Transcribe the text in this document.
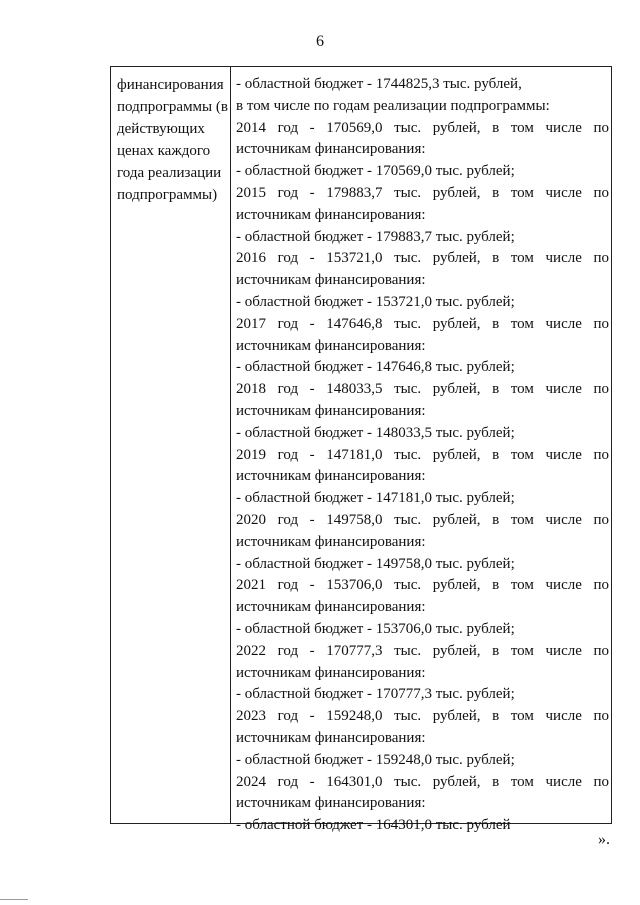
6
финансирования
подпрограммы (в
действующих
ценах каждого
года реализации
подпрограммы)
- областной бюджет - 1744825,3 тыс. рублей,
в том числе по годам реализации подпрограммы:
2014 год - 170569,0 тыс. рублей, в том числе по
источникам финансирования:
- областной бюджет - 170569,0 тыс. рублей;
2015 год - 179883,7 тыс. рублей, в том числе по
источникам финансирования:
- областной бюджет - 179883,7 тыс. рублей;
2016 год - 153721,0 тыс. рублей, в том числе по
источникам финансирования:
- областной бюджет - 153721,0 тыс. рублей;
2017 год - 147646,8 тыс. рублей, в том числе по
источникам финансирования:
- областной бюджет - 147646,8 тыс. рублей;
2018 год - 148033,5 тыс. рублей, в том числе по
источникам финансирования:
- областной бюджет - 148033,5 тыс. рублей;
2019 год - 147181,0 тыс. рублей, в том числе по
источникам финансирования:
- областной бюджет - 147181,0 тыс. рублей;
2020 год - 149758,0 тыс. рублей, в том числе по
источникам финансирования:
- областной бюджет - 149758,0 тыс. рублей;
2021 год - 153706,0 тыс. рублей, в том числе по
источникам финансирования:
- областной бюджет - 153706,0 тыс. рублей;
2022 год - 170777,3 тыс. рублей, в том числе по
источникам финансирования:
- областной бюджет - 170777,3 тыс. рублей;
2023 год - 159248,0 тыс. рублей, в том числе по
источникам финансирования:
- областной бюджет - 159248,0 тыс. рублей;
2024 год - 164301,0 тыс. рублей, в том числе по
источникам финансирования:
- областной бюджет - 164301,0 тыс. рублей
».
